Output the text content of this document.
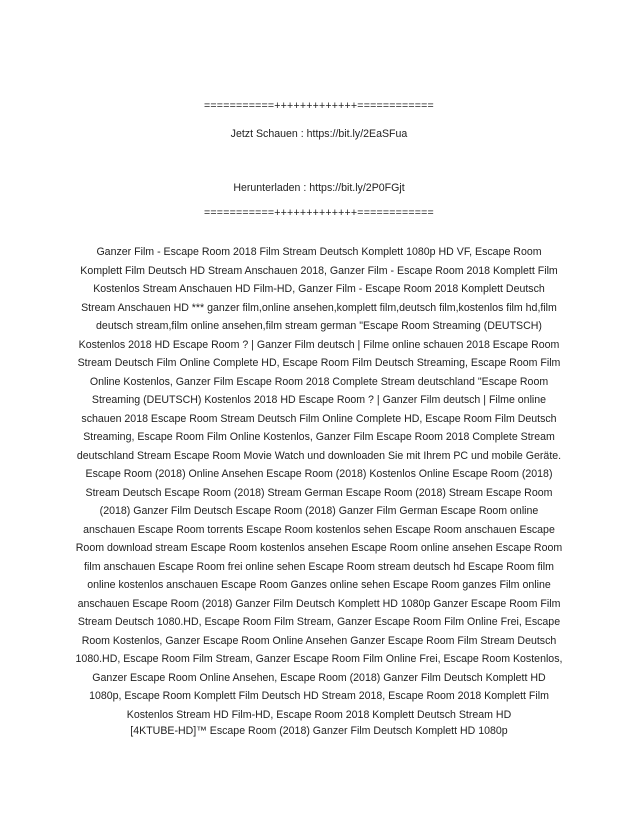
===========+++++++++++++============
Jetzt Schauen : https://bit.ly/2EaSFua
Herunterladen : https://bit.ly/2P0FGjt
===========+++++++++++++============
Ganzer Film - Escape Room 2018 Film Stream Deutsch Komplett 1080p HD VF, Escape Room Komplett Film Deutsch HD Stream Anschauen 2018, Ganzer Film - Escape Room 2018 Komplett Film Kostenlos Stream Anschauen HD Film-HD, Ganzer Film - Escape Room 2018 Komplett Deutsch Stream Anschauen HD *** ganzer film,online ansehen,komplett film,deutsch film,kostenlos film hd,film deutsch stream,film online ansehen,film stream german "Escape Room Streaming (DEUTSCH) Kostenlos 2018 HD Escape Room ? | Ganzer Film deutsch | Filme online schauen 2018 Escape Room Stream Deutsch Film Online Complete HD, Escape Room Film Deutsch Streaming, Escape Room Film Online Kostenlos, Ganzer Film Escape Room 2018 Complete Stream deutschland "Escape Room Streaming (DEUTSCH) Kostenlos 2018 HD Escape Room ? | Ganzer Film deutsch | Filme online schauen 2018 Escape Room Stream Deutsch Film Online Complete HD, Escape Room Film Deutsch Streaming, Escape Room Film Online Kostenlos, Ganzer Film Escape Room 2018 Complete Stream deutschland Stream Escape Room Movie Watch und downloaden Sie mit Ihrem PC und mobile Geräte. Escape Room (2018) Online Ansehen Escape Room (2018) Kostenlos Online Escape Room (2018) Stream Deutsch Escape Room (2018) Stream German Escape Room (2018) Stream Escape Room (2018) Ganzer Film Deutsch Escape Room (2018) Ganzer Film German Escape Room online anschauen Escape Room torrents Escape Room kostenlos sehen Escape Room anschauen Escape Room download stream Escape Room kostenlos ansehen Escape Room online ansehen Escape Room film anschauen Escape Room frei online sehen Escape Room stream deutsch hd Escape Room film online kostenlos anschauen Escape Room Ganzes online sehen Escape Room ganzes Film online anschauen Escape Room (2018) Ganzer Film Deutsch Komplett HD 1080p Ganzer Escape Room Film Stream Deutsch 1080.HD, Escape Room Film Stream, Ganzer Escape Room Film Online Frei, Escape Room Kostenlos, Ganzer Escape Room Online Ansehen Ganzer Escape Room Film Stream Deutsch 1080.HD, Escape Room Film Stream, Ganzer Escape Room Film Online Frei, Escape Room Kostenlos, Ganzer Escape Room Online Ansehen, Escape Room (2018) Ganzer Film Deutsch Komplett HD 1080p, Escape Room Komplett Film Deutsch HD Stream 2018, Escape Room 2018 Komplett Film Kostenlos Stream HD Film-HD, Escape Room 2018 Komplett Deutsch Stream HD
[4KTUBE-HD]™ Escape Room (2018) Ganzer Film Deutsch Komplett HD 1080p
